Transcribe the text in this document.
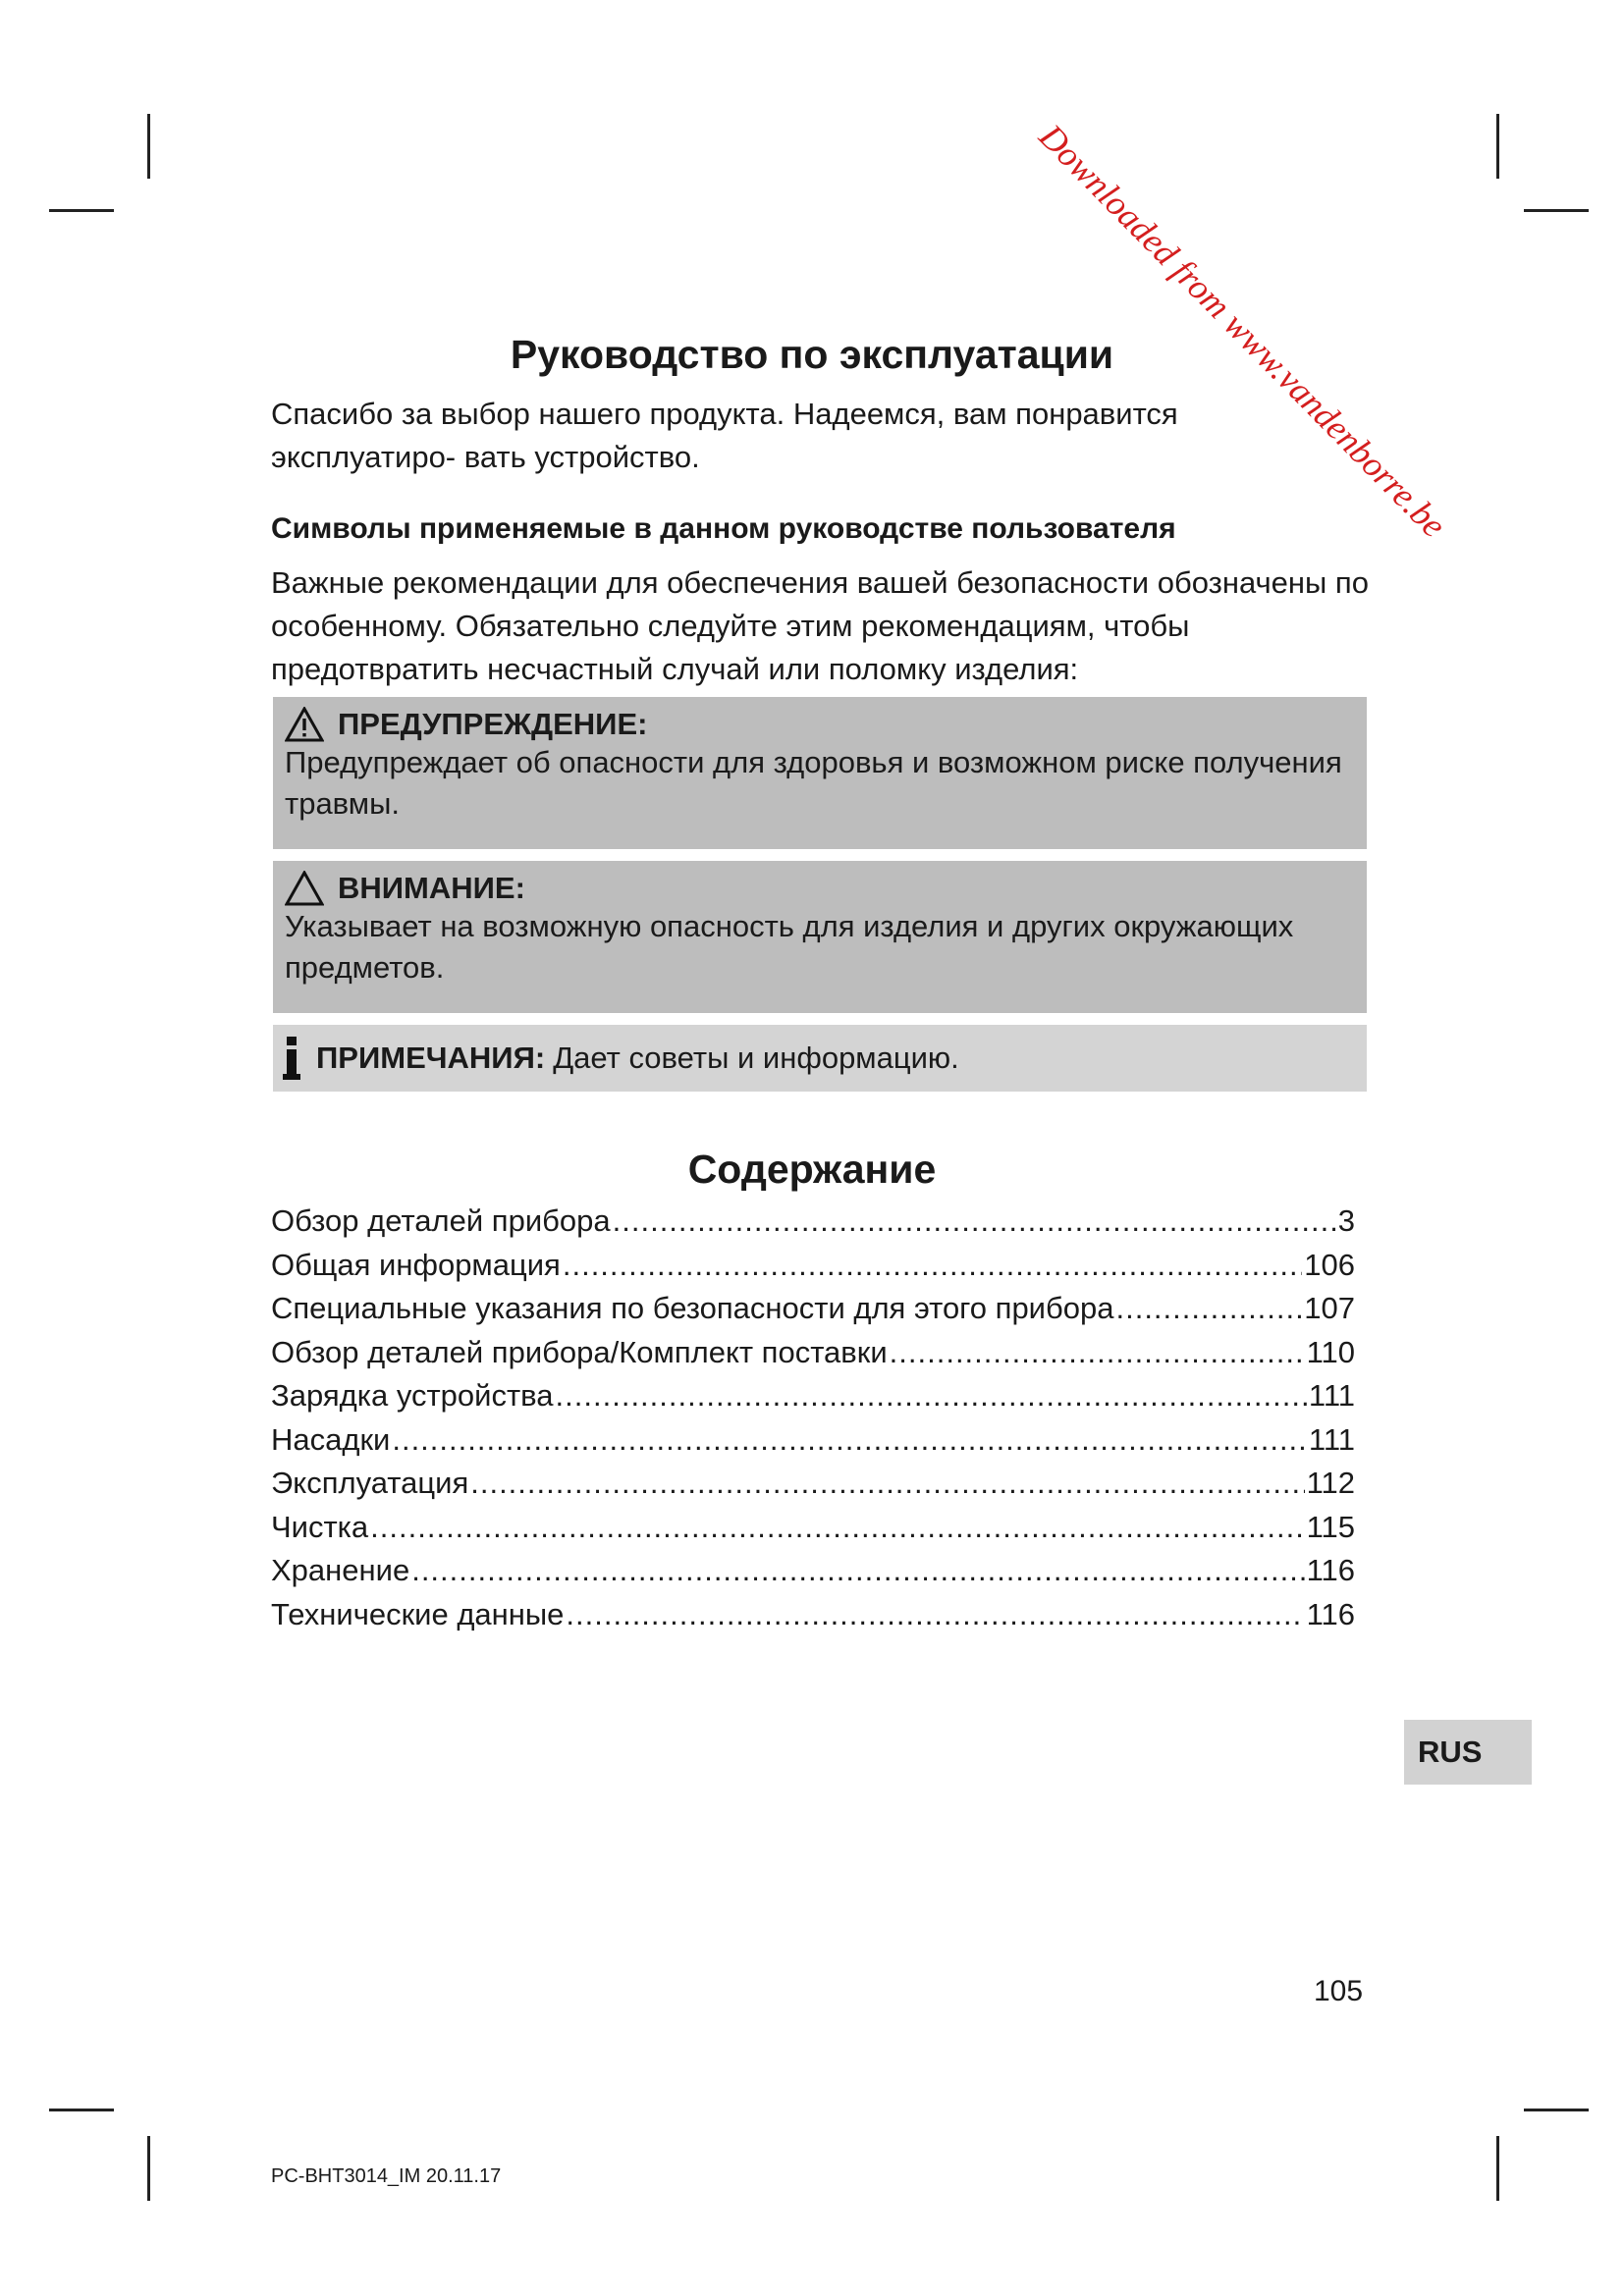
Downloaded from www.vandenborre.be
Руководство по эксплуатации

Спасибо за выбор нашего продукта. Надеемся, вам понравится эксплуатиро- вать устройство.

Символы применяемые в данном руководстве пользователя

Важные рекомендации для обеспечения вашей безопасности обозначены по особенному. Обязательно следуйте этим рекомендациям, чтобы предотвратить несчастный случай или поломку изделия:

ПРЕДУПРЕЖДЕНИЕ:
Предупреждает об опасности для здоровья и возможном риске получения травмы.
ВНИМАНИЕ:
Указывает на возможную опасность для изделия и других окружающих предметов.
ПРИМЕЧАНИЯ: Дает советы и информацию.
Содержание
Обзор деталей прибора .....	3
Общая информация .....	106
Специальные указания по безопасности для этого прибора .....	107
Обзор деталей прибора/Комплект поставки .....	110
Зарядка устройства .....	111
Насадки .....	111
Эксплуатация .....	112
Чистка .....	115
Хранение .....	116
Технические данные .....	116
RUS
105
PC-BHT3014_IM 20.11.17
